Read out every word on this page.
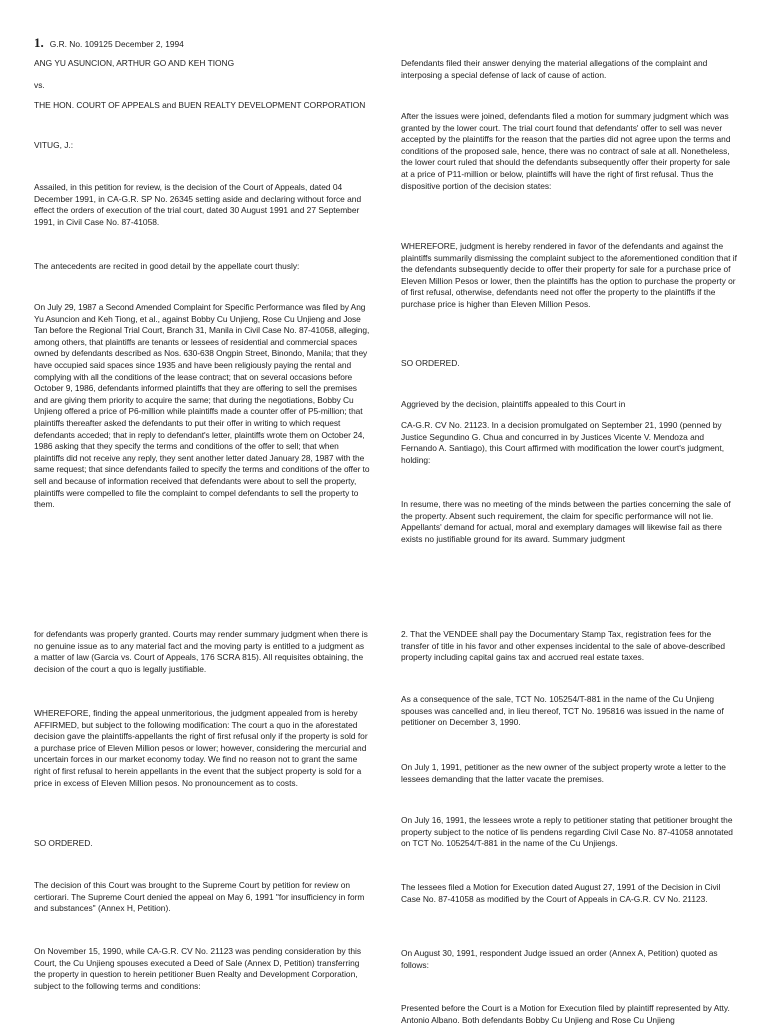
1. G.R. No. 109125 December 2, 1994

ANG YU ASUNCION, ARTHUR GO AND KEH TIONG

vs.

THE HON. COURT OF APPEALS and BUEN REALTY DEVELOPMENT CORPORATION

VITUG, J.:

Assailed, in this petition for review, is the decision of the Court of Appeals, dated 04 December 1991, in CA-G.R. SP No. 26345 setting aside and declaring without force and effect the orders of execution of the trial court, dated 30 August 1991 and 27 September 1991, in Civil Case No. 87-41058.

The antecedents are recited in good detail by the appellate court thusly:

On July 29, 1987 a Second Amended Complaint for Specific Performance was filed by Ang Yu Asuncion and Keh Tiong, et al., against Bobby Cu Unjieng, Rose Cu Unjieng and Jose Tan before the Regional Trial Court, Branch 31, Manila in Civil Case No. 87-41058, alleging, among others, that plaintiffs are tenants or lessees of residential and commercial spaces owned by defendants described as Nos. 630-638 Ongpin Street, Binondo, Manila; that they have occupied said spaces since 1935 and have been religiously paying the rental and complying with all the conditions of the lease contract; that on several occasions before October 9, 1986, defendants informed plaintiffs that they are offering to sell the premises and are giving them priority to acquire the same; that during the negotiations, Bobby Cu Unjieng offered a price of P6-million while plaintiffs made a counter offer of P5-million; that plaintiffs thereafter asked the defendants to put their offer in writing to which request defendants acceded; that in reply to defendant's letter, plaintiffs wrote them on October 24, 1986 asking that they specify the terms and conditions of the offer to sell; that when plaintiffs did not receive any reply, they sent another letter dated January 28, 1987 with the same request; that since defendants failed to specify the terms and conditions of the offer to sell and because of information received that defendants were about to sell the property, plaintiffs were compelled to file the complaint to compel defendants to sell the property to them.

Defendants filed their answer denying the material allegations of the complaint and interposing a special defense of lack of cause of action.

After the issues were joined, defendants filed a motion for summary judgment which was granted by the lower court. The trial court found that defendants' offer to sell was never accepted by the plaintiffs for the reason that the parties did not agree upon the terms and conditions of the proposed sale, hence, there was no contract of sale at all. Nonetheless, the lower court ruled that should the defendants subsequently offer their property for sale at a price of P11-million or below, plaintiffs will have the right of first refusal. Thus the dispositive portion of the decision states:

WHEREFORE, judgment is hereby rendered in favor of the defendants and against the plaintiffs summarily dismissing the complaint subject to the aforementioned condition that if the defendants subsequently decide to offer their property for sale for a purchase price of Eleven Million Pesos or lower, then the plaintiffs has the option to purchase the property or of first refusal, otherwise, defendants need not offer the property to the plaintiffs if the purchase price is higher than Eleven Million Pesos.

SO ORDERED.

Aggrieved by the decision, plaintiffs appealed to this Court in

CA-G.R. CV No. 21123. In a decision promulgated on September 21, 1990 (penned by Justice Segundino G. Chua and concurred in by Justices Vicente V. Mendoza and Fernando A. Santiago), this Court affirmed with modification the lower court's judgment, holding:

In resume, there was no meeting of the minds between the parties concerning the sale of the property. Absent such requirement, the claim for specific performance will not lie. Appellants' demand for actual, moral and exemplary damages will likewise fail as there exists no justifiable ground for its award. Summary judgment

for defendants was properly granted. Courts may render summary judgment when there is no genuine issue as to any material fact and the moving party is entitled to a judgment as a matter of law (Garcia vs. Court of Appeals, 176 SCRA 815). All requisites obtaining, the decision of the court a quo is legally justifiable.

WHEREFORE, finding the appeal unmeritorious, the judgment appealed from is hereby AFFIRMED, but subject to the following modification: The court a quo in the aforestated decision gave the plaintiffs-appellants the right of first refusal only if the property is sold for a purchase price of Eleven Million pesos or lower; however, considering the mercurial and uncertain forces in our market economy today. We find no reason not to grant the same right of first refusal to herein appellants in the event that the subject property is sold for a price in excess of Eleven Million pesos. No pronouncement as to costs.

SO ORDERED.

The decision of this Court was brought to the Supreme Court by petition for review on certiorari. The Supreme Court denied the appeal on May 6, 1991 "for insufficiency in form and substances" (Annex H, Petition).

On November 15, 1990, while CA-G.R. CV No. 21123 was pending consideration by this Court, the Cu Unjieng spouses executed a Deed of Sale (Annex D, Petition) transferring the property in question to herein petitioner Buen Realty and Development Corporation, subject to the following terms and conditions:

2. That the VENDEE shall pay the Documentary Stamp Tax, registration fees for the transfer of title in his favor and other expenses incidental to the sale of above-described property including capital gains tax and accrued real estate taxes.

As a consequence of the sale, TCT No. 105254/T-881 in the name of the Cu Unjieng spouses was cancelled and, in lieu thereof, TCT No. 195816 was issued in the name of petitioner on December 3, 1990.

On July 1, 1991, petitioner as the new owner of the subject property wrote a letter to the lessees demanding that the latter vacate the premises.

On July 16, 1991, the lessees wrote a reply to petitioner stating that petitioner brought the property subject to the notice of lis pendens regarding Civil Case No. 87-41058 annotated on TCT No. 105254/T-881 in the name of the Cu Unjiengs.

The lessees filed a Motion for Execution dated August 27, 1991 of the Decision in Civil Case No. 87-41058 as modified by the Court of Appeals in CA-G.R. CV No. 21123.

On August 30, 1991, respondent Judge issued an order (Annex A, Petition) quoted as follows:

Presented before the Court is a Motion for Execution filed by plaintiff represented by Atty. Antonio Albano. Both defendants Bobby Cu Unjieng and Rose Cu Unjieng
